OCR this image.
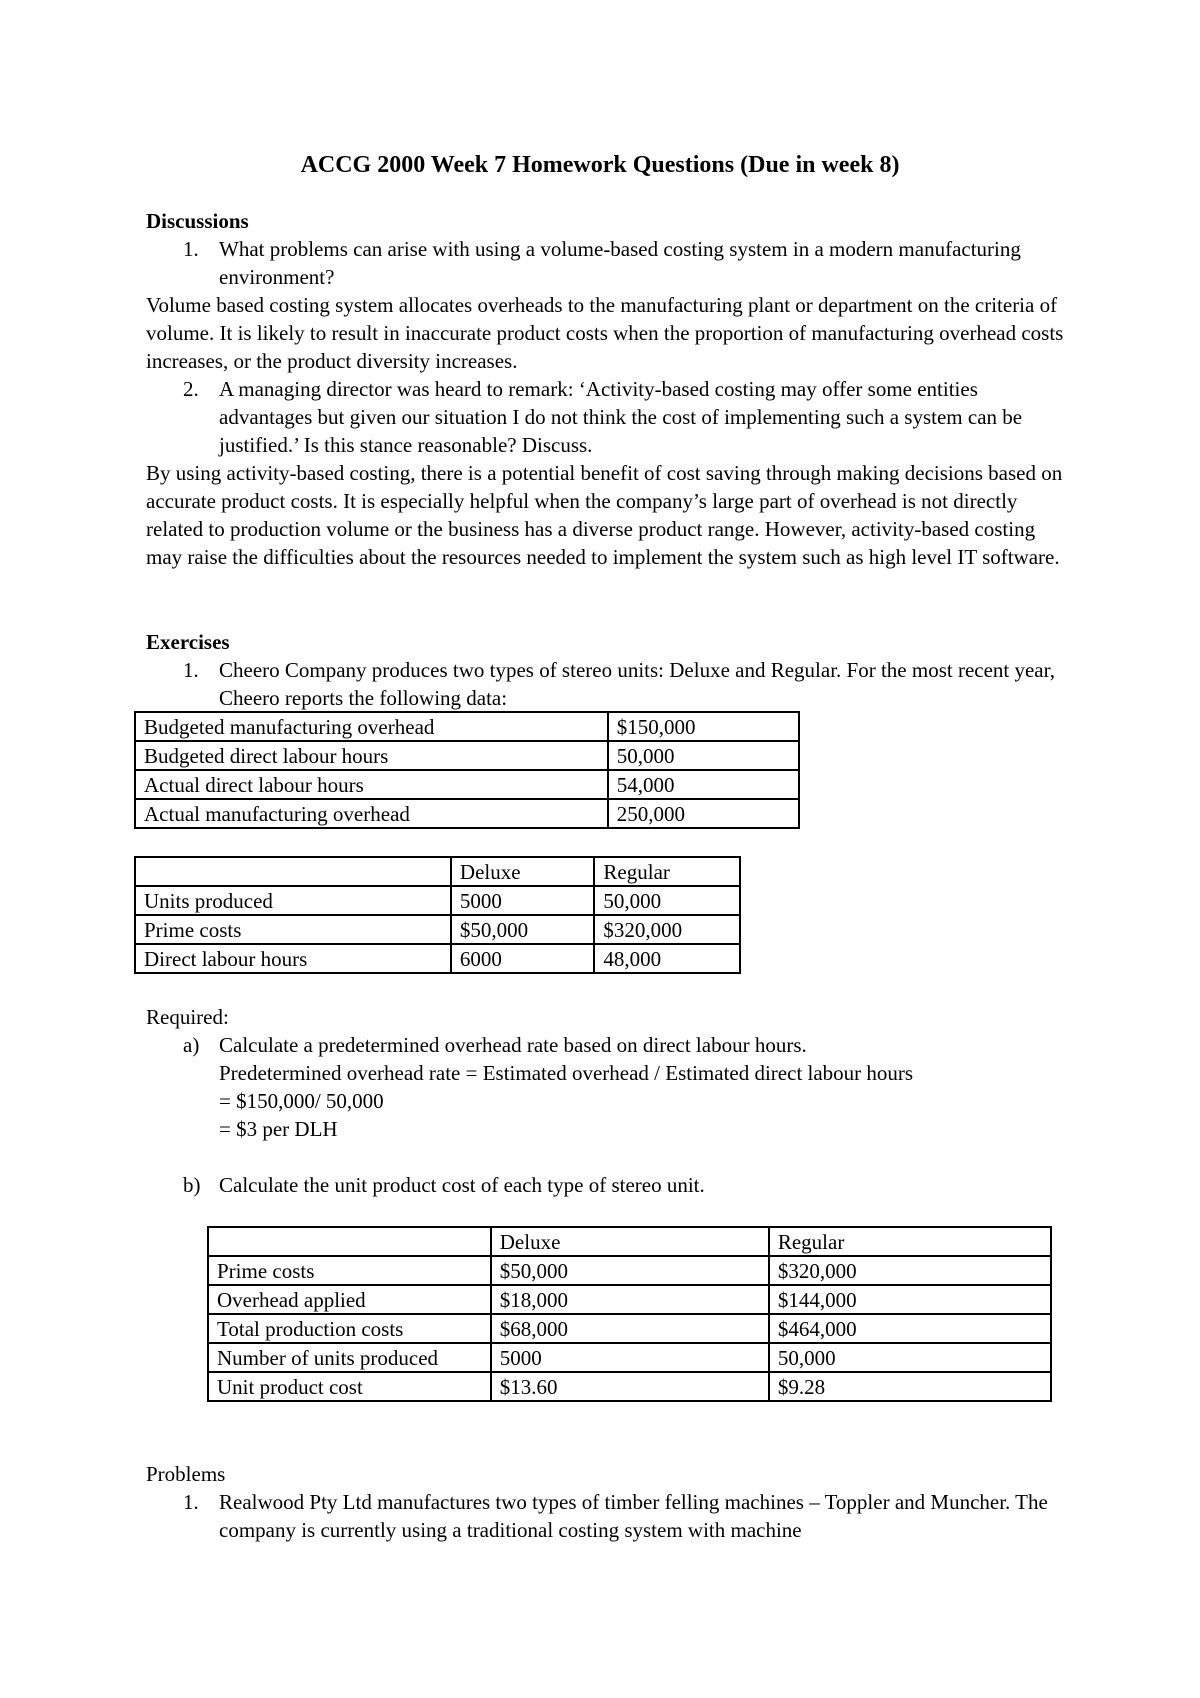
ACCG 2000 Week 7 Homework Questions (Due in week 8)

Discussions

1. What problems can arise with using a volume-based costing system in a modern manufacturing environment?

Volume based costing system allocates overheads to the manufacturing plant or department on the criteria of volume. It is likely to result in inaccurate product costs when the proportion of manufacturing overhead costs increases, or the product diversity increases.

2. A managing director was heard to remark: ‘Activity-based costing may offer some entities advantages but given our situation I do not think the cost of implementing such a system can be justified.’ Is this stance reasonable? Discuss.

By using activity-based costing, there is a potential benefit of cost saving through making decisions based on accurate product costs. It is especially helpful when the company’s large part of overhead is not directly related to production volume or the business has a diverse product range. However, activity-based costing may raise the difficulties about the resources needed to implement the system such as high level IT software.

Exercises

1. Cheero Company produces two types of stereo units: Deluxe and Regular. For the most recent year, Cheero reports the following data:

Budgeted manufacturing overhead	$150,000
Budgeted direct labour hours	50,000
Actual direct labour hours	54,000
Actual manufacturing overhead	250,000
	Deluxe	Regular
Units produced	5000	50,000
Prime costs	$50,000	$320,000
Direct labour hours	6000	48,000

Required:

a) Calculate a predetermined overhead rate based on direct labour hours.

Predetermined overhead rate = Estimated overhead / Estimated direct labour hours

= $150,000/ 50,000

= $3 per DLH

b) Calculate the unit product cost of each type of stereo unit.

	Deluxe	Regular
Prime costs	$50,000	$320,000
Overhead applied	$18,000	$144,000
Total production costs	$68,000	$464,000
Number of units produced	5000	50,000
Unit product cost	$13.60	$9.28

Problems

1. Realwood Pty Ltd manufactures two types of timber felling machines – Toppler and Muncher. The company is currently using a traditional costing system with machine
